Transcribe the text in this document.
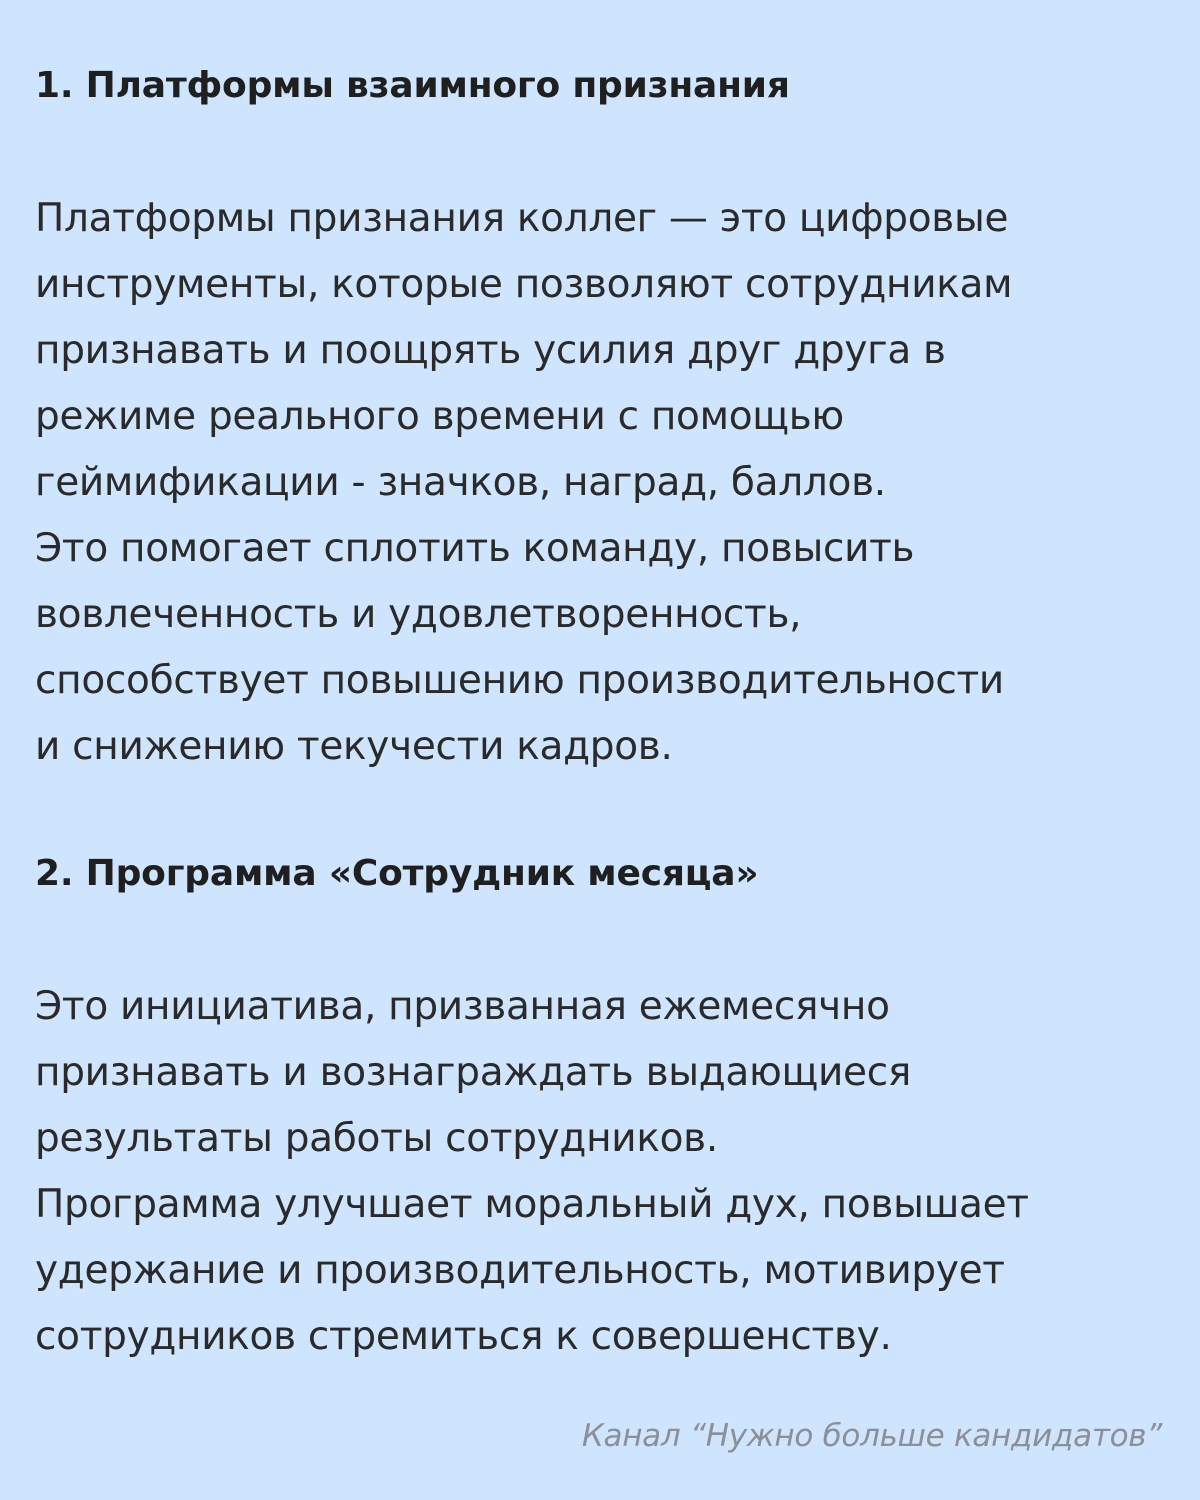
1. Платформы взаимного признания
Платформы признания коллег — это цифровые
инструменты, которые позволяют сотрудникам
признавать и поощрять усилия друг друга в
режиме реального времени с помощью
геймификации - значков, наград, баллов.
Это помогает сплотить команду, повысить
вовлеченность и удовлетворенность,
способствует повышению производительности
и снижению текучести кадров.
2. Программа «Сотрудник месяца»
Это инициатива, призванная ежемесячно
признавать и вознаграждать выдающиеся
результаты работы сотрудников.
Программа улучшает моральный дух, повышает
удержание и производительность, мотивирует
сотрудников стремиться к совершенству.
Канал “Нужно больше кандидатов”
